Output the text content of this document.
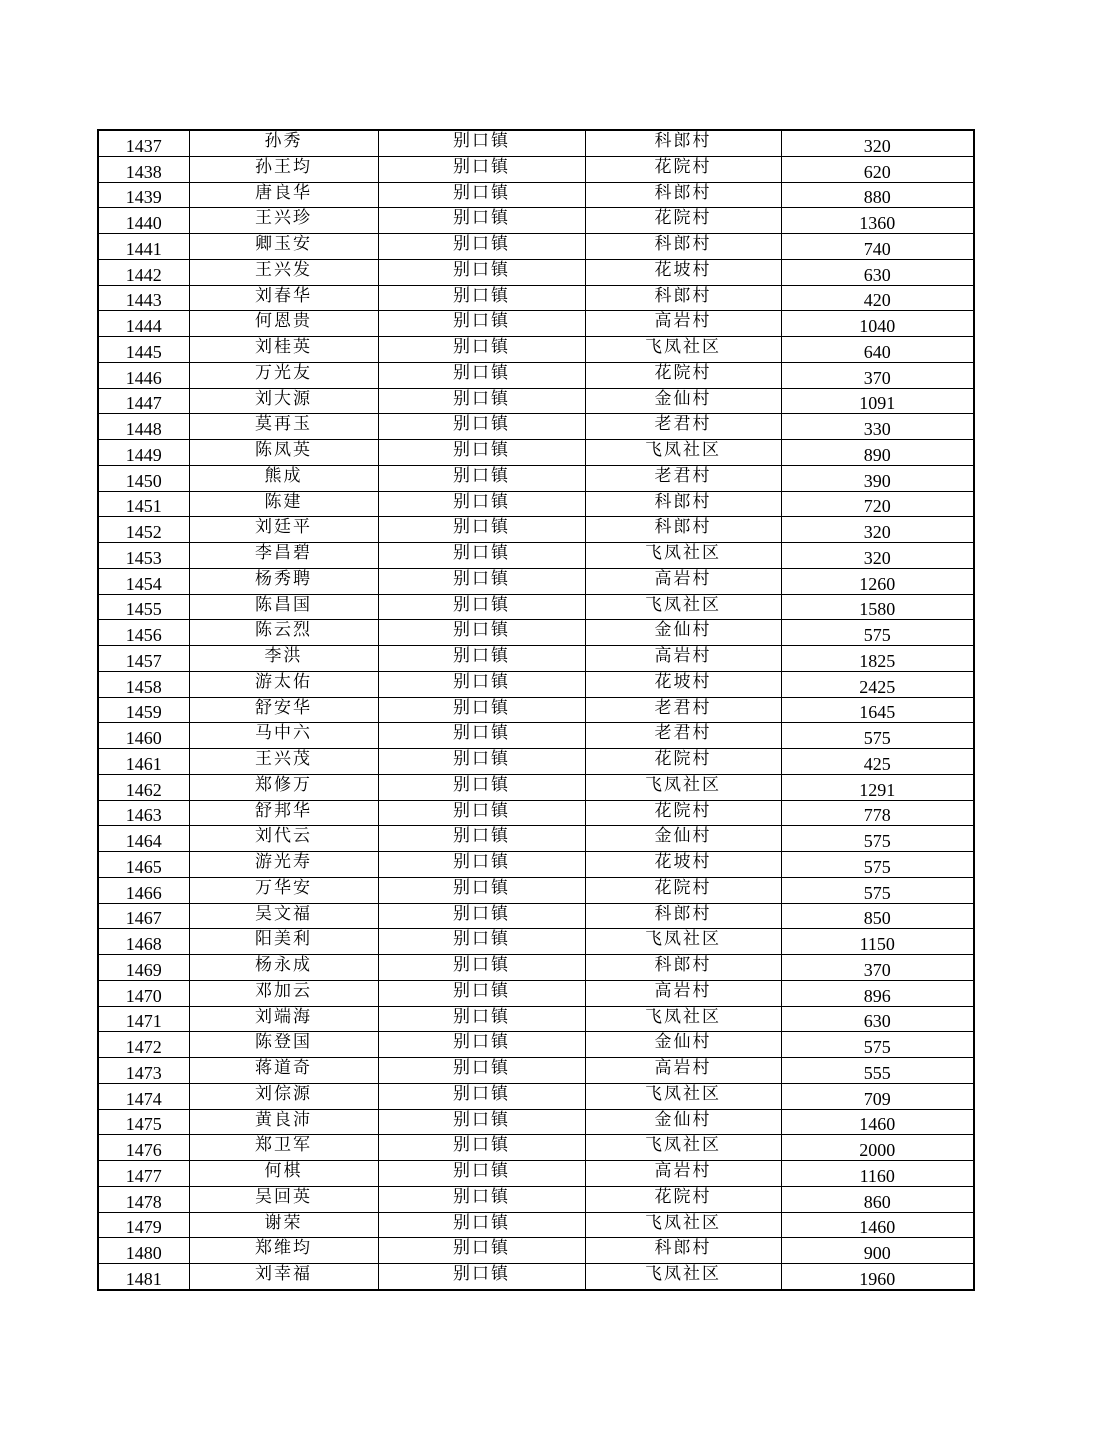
1437	孙秀	别口镇	科郎村	320
1438	孙王均	别口镇	花院村	620
1439	唐良华	别口镇	科郎村	880
1440	王兴珍	别口镇	花院村	1360
1441	卿玉安	别口镇	科郎村	740
1442	王兴发	别口镇	花坡村	630
1443	刘春华	别口镇	科郎村	420
1444	何恩贵	别口镇	高岩村	1040
1445	刘桂英	别口镇	飞凤社区	640
1446	万光友	别口镇	花院村	370
1447	刘大源	别口镇	金仙村	1091
1448	莫再玉	别口镇	老君村	330
1449	陈凤英	别口镇	飞凤社区	890
1450	熊成	别口镇	老君村	390
1451	陈建	别口镇	科郎村	720
1452	刘廷平	别口镇	科郎村	320
1453	李昌碧	别口镇	飞凤社区	320
1454	杨秀聘	别口镇	高岩村	1260
1455	陈昌国	别口镇	飞凤社区	1580
1456	陈云烈	别口镇	金仙村	575
1457	李洪	别口镇	高岩村	1825
1458	游太佑	别口镇	花坡村	2425
1459	舒安华	别口镇	老君村	1645
1460	马中六	别口镇	老君村	575
1461	王兴茂	别口镇	花院村	425
1462	郑修万	别口镇	飞凤社区	1291
1463	舒邦华	别口镇	花院村	778
1464	刘代云	别口镇	金仙村	575
1465	游光寿	别口镇	花坡村	575
1466	万华安	别口镇	花院村	575
1467	吴文福	别口镇	科郎村	850
1468	阳美利	别口镇	飞凤社区	1150
1469	杨永成	别口镇	科郎村	370
1470	邓加云	别口镇	高岩村	896
1471	刘端海	别口镇	飞凤社区	630
1472	陈登国	别口镇	金仙村	575
1473	蒋道奇	别口镇	高岩村	555
1474	刘倧源	别口镇	飞凤社区	709
1475	黄良沛	别口镇	金仙村	1460
1476	郑卫军	别口镇	飞凤社区	2000
1477	何棋	别口镇	高岩村	1160
1478	吴回英	别口镇	花院村	860
1479	谢荣	别口镇	飞凤社区	1460
1480	郑维均	别口镇	科郎村	900
1481	刘幸福	别口镇	飞凤社区	1960
